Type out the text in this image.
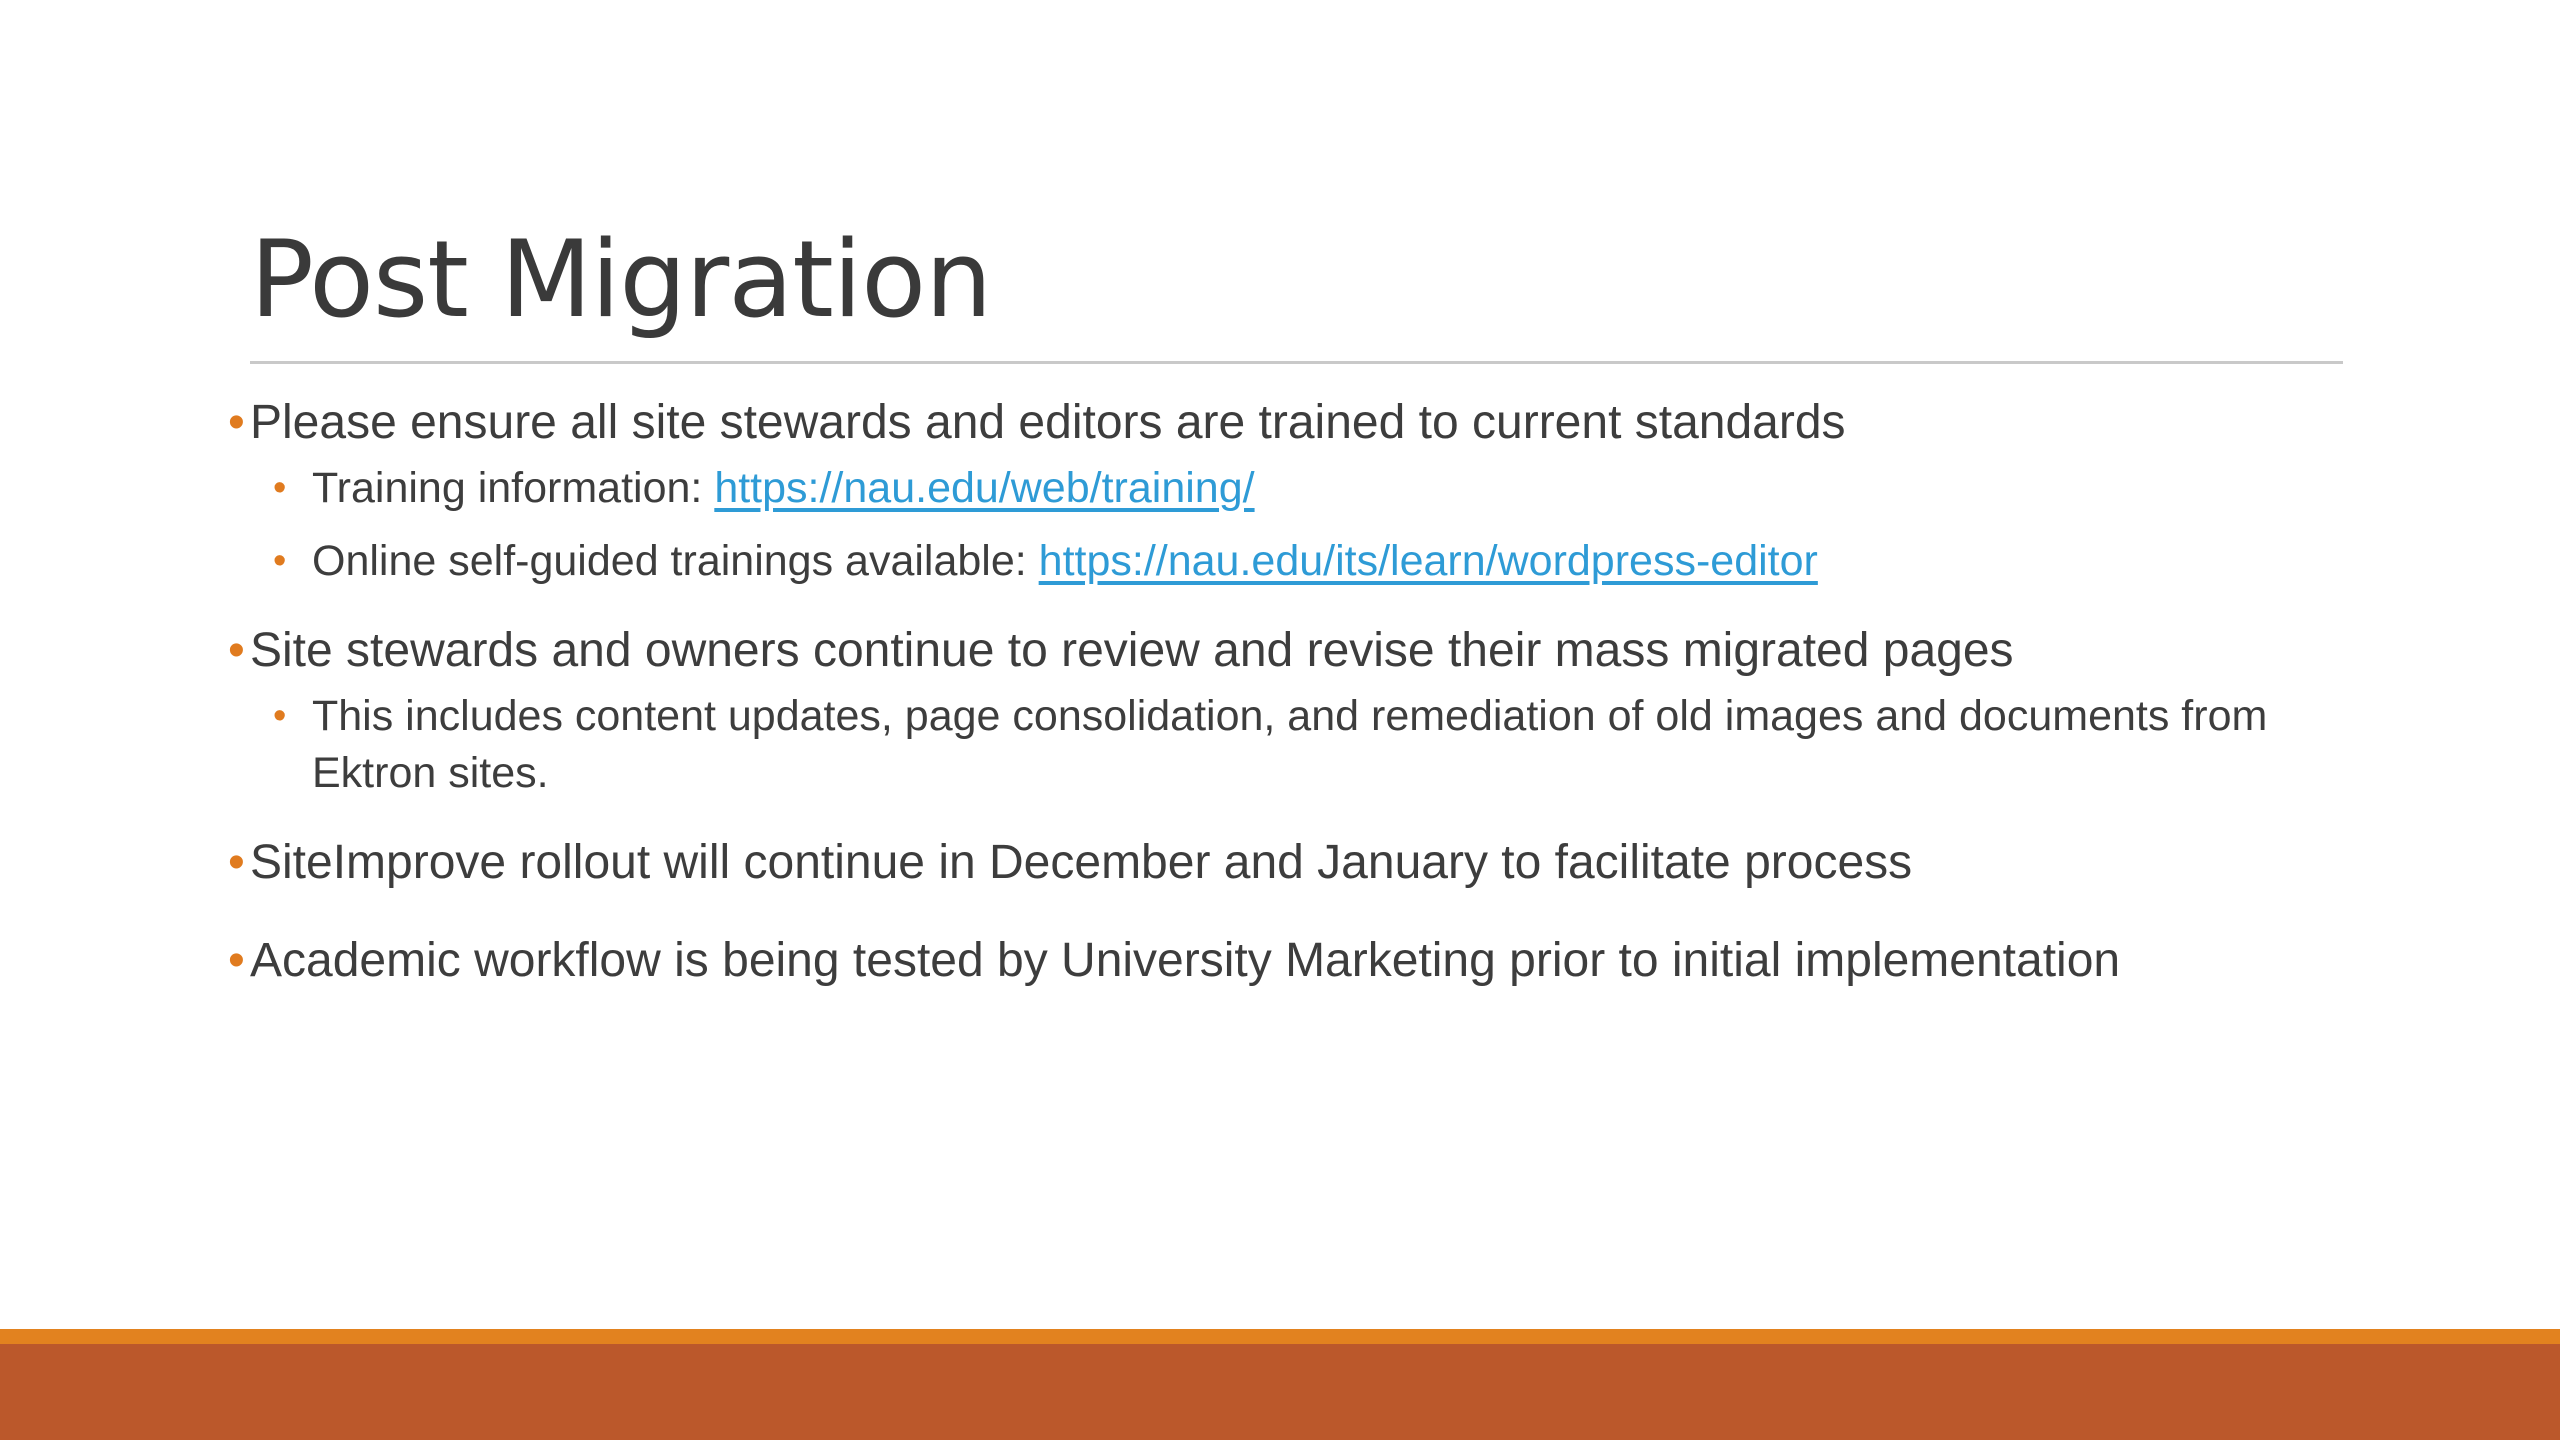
Post Migration

• Please ensure all site stewards and editors are trained to current standards

• Training information: https://nau.edu/web/training/

• Online self-guided trainings available: https://nau.edu/its/learn/wordpress-editor

• Site stewards and owners continue to review and revise their mass migrated pages

• This includes content updates, page consolidation, and remediation of old images and documents from Ektron sites.

• SiteImprove rollout will continue in December and January to facilitate process

• Academic workflow is being tested by University Marketing prior to initial implementation
